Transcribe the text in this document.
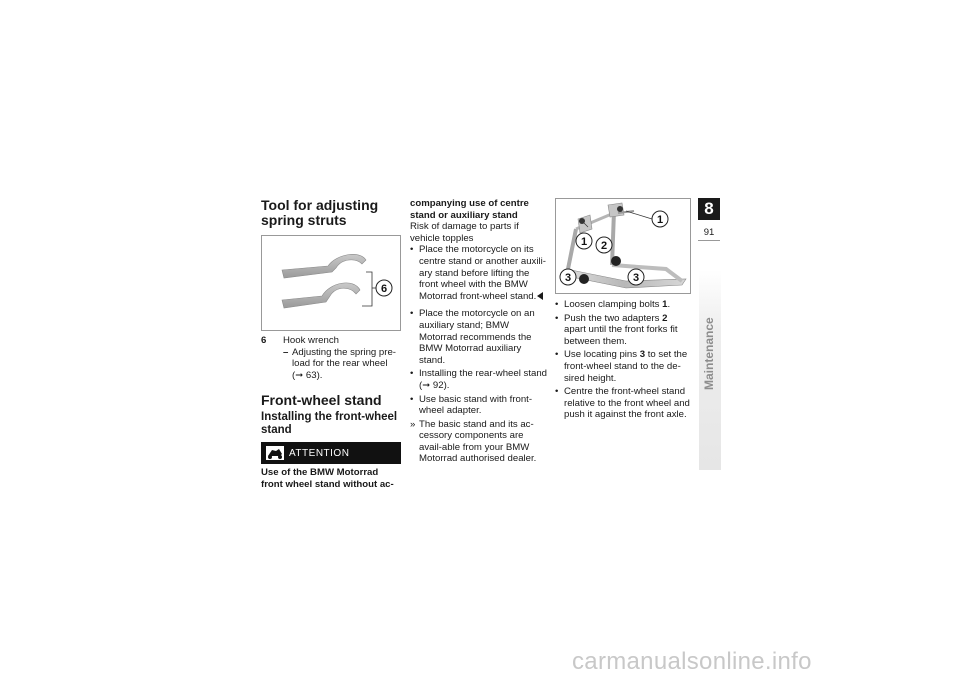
Tool for adjusting spring struts
6
6	Hook wrench
– Adjusting the spring pre-load for the rear wheel (➞ 63).
Front-wheel stand
Installing the front-wheel stand
ATTENTION
Use of the BMW Motorrad front wheel stand without ac-
companying use of centre stand or auxiliary stand
Risk of damage to parts if vehicle topples
• Place the motorcycle on its centre stand or another auxili-ary stand before lifting the front wheel with the BMW Motorrad front-wheel stand.
• Place the motorcycle on an auxiliary stand; BMW Motorrad recommends the BMW Motorrad auxiliary stand.
• Installing the rear-wheel stand (➞ 92).
• Use basic stand with front-wheel adapter.
» The basic stand and its ac-cessory components are avail-able from your BMW Motorrad authorised dealer.
1 2
3
1
3
• Loosen clamping bolts 1.
• Push the two adapters 2 apart until the front forks fit between them.
• Use locating pins 3 to set the front-wheel stand to the de-sired height.
• Centre the front-wheel stand relative to the front wheel and push it against the front axle.
8
91
Maintenance
carmanualsonline.info
